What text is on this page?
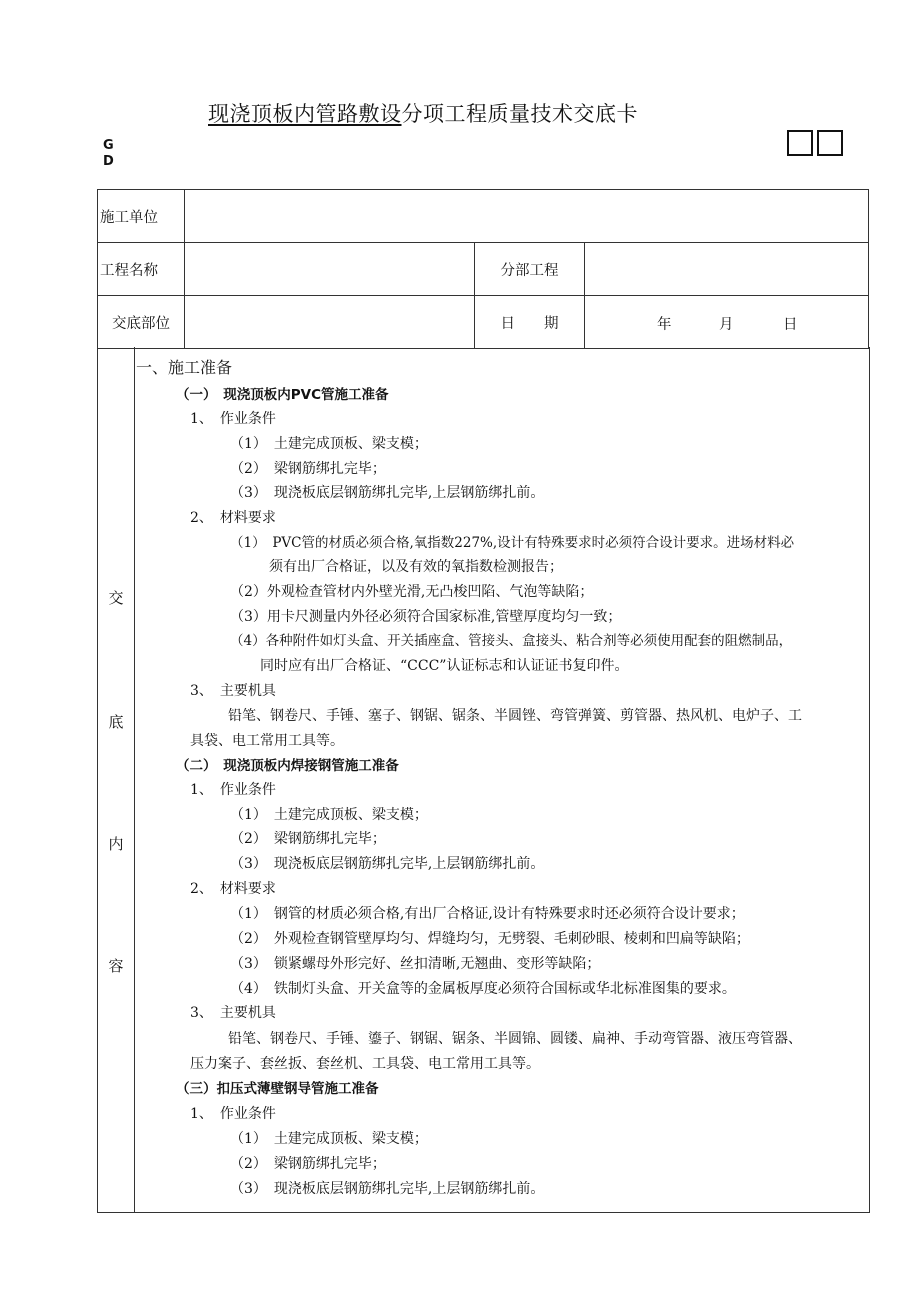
现浇顶板内管路敷设分项工程质量技术交底卡
G
D
施工单位			
工程名称		分部工程	
交底部位		日　　期	年 月 日
交
底
内
容
一、施工准备
（一）　现浇顶板内PVC管施工准备
1、　作业条件
（1）　土建完成顶板、梁支模；
（2）　梁钢筋绑扎完毕；
（3）　现浇板底层钢筋绑扎完毕,上层钢筋绑扎前。
2、　材料要求
（1）　PVC管的材质必须合格,氧指数227%,设计有特殊要求时必须符合设计要求。进场材料必
须有出厂合格证，以及有效的氧指数检测报告；
（2）外观检查管材内外壁光滑,无凸梭凹陷、气泡等缺陷；
（3）用卡尺测量内外径必须符合国家标准,管壁厚度均匀一致；
（4）各种附件如灯头盒、开关插座盒、管接头、盒接头、粘合剂等必须使用配套的阻燃制品，
同时应有出厂合格证、“CCC”认证标志和认证证书复印件。
3、　主要机具
铅笔、钢卷尺、手锤、塞子、钢锯、锯条、半圆锉、弯管弹簧、剪管器、热风机、电炉子、工
具袋、电工常用工具等。
（二）　现浇顶板内焊接钢管施工准备
1、　作业条件
（1）　土建完成顶板、梁支模；
（2）　梁钢筋绑扎完毕；
（3）　现浇板底层钢筋绑扎完毕,上层钢筋绑扎前。
2、　材料要求
（1）　钢管的材质必须合格,有出厂合格证,设计有特殊要求时还必须符合设计要求；
（2）　外观检查钢管壁厚均匀、焊缝均匀，无劈裂、毛刺砂眼、棱刺和凹扁等缺陷；
（3）　锁紧螺母外形完好、丝扣清晰,无翘曲、变形等缺陷；
（4）　铁制灯头盒、开关盒等的金属板厚度必须符合国标或华北标准图集的要求。
3、　主要机具
铅笔、钢卷尺、手锤、鎏子、钢锯、锯条、半圆锦、圆镂、扁神、手动弯管器、液压弯管器、
压力案子、套丝扳、套丝机、工具袋、电工常用工具等。
（三）扣压式薄壁钢导管施工准备
1、　作业条件
（1）　土建完成顶板、梁支模；
（2）　梁钢筋绑扎完毕；
（3）　现浇板底层钢筋绑扎完毕,上层钢筋绑扎前。
